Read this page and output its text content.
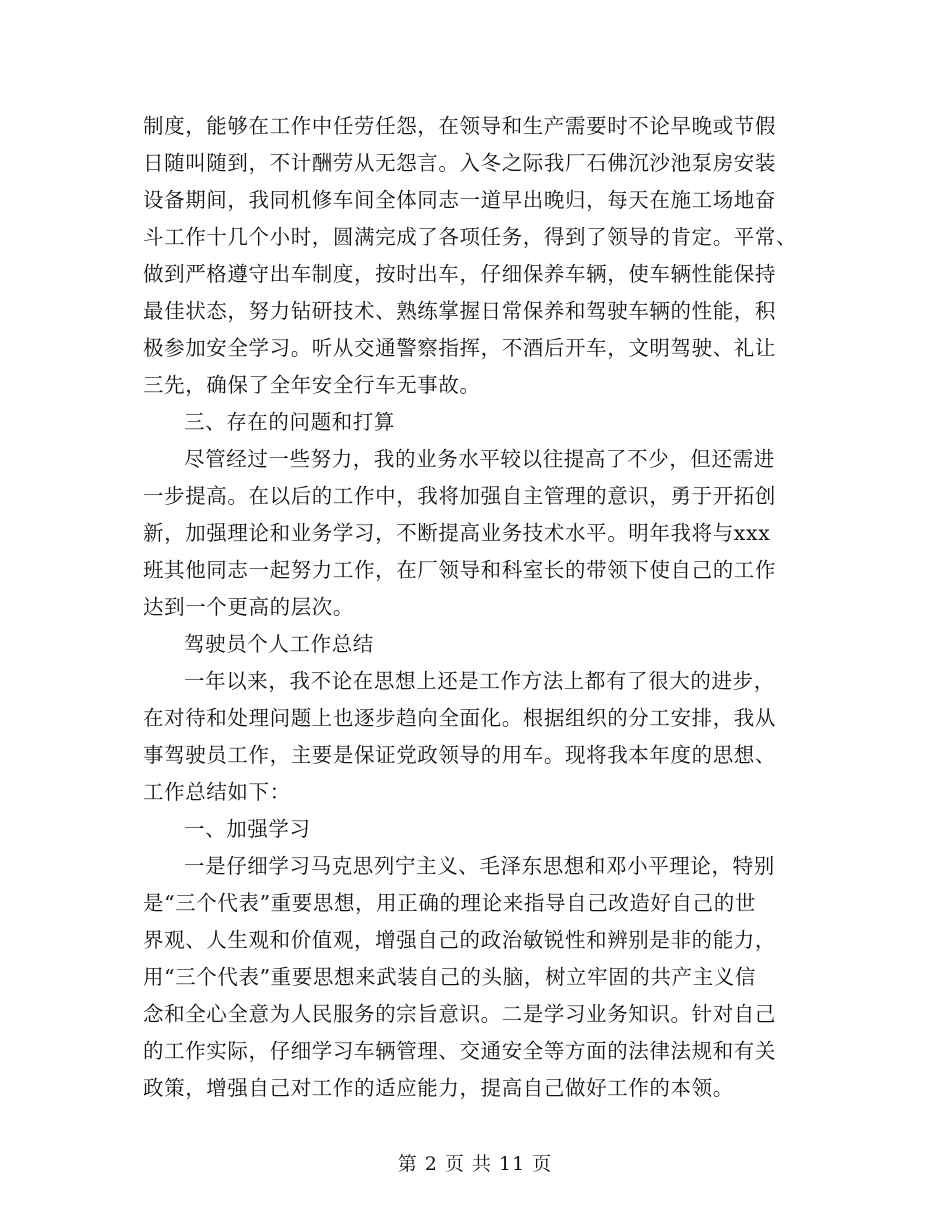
制度，能够在工作中任劳任怨，在领导和生产需要时不论早晚或节假
日随叫随到，不计酬劳从无怨言。入冬之际我厂石佛沉沙池泵房安装
设备期间，我同机修车间全体同志一道早出晚归，每天在施工场地奋
斗工作十几个小时，圆满完成了各项任务，得到了领导的肯定。平常、
做到严格遵守出车制度，按时出车，仔细保养车辆，使车辆性能保持
最佳状态，努力钻研技术、熟练掌握日常保养和驾驶车辆的性能，积
极参加安全学习。听从交通警察指挥，不酒后开车，文明驾驶、礼让
三先，确保了全年安全行车无事故。
三、存在的问题和打算
尽管经过一些努力，我的业务水平较以往提高了不少，但还需进
一步提高。在以后的工作中，我将加强自主管理的意识，勇于开拓创
新，加强理论和业务学习，不断提高业务技术水平。明年我将与xxx
班其他同志一起努力工作，在厂领导和科室长的带领下使自己的工作
达到一个更高的层次。
驾驶员个人工作总结
一年以来，我不论在思想上还是工作方法上都有了很大的进步，
在对待和处理问题上也逐步趋向全面化。根据组织的分工安排，我从
事驾驶员工作，主要是保证党政领导的用车。现将我本年度的思想、
工作总结如下：
一、加强学习
一是仔细学习马克思列宁主义、毛泽东思想和邓小平理论，特别
是“三个代表”重要思想，用正确的理论来指导自己改造好自己的世
界观、人生观和价值观，增强自己的政治敏锐性和辨别是非的能力，
用“三个代表”重要思想来武装自己的头脑，树立牢固的共产主义信
念和全心全意为人民服务的宗旨意识。二是学习业务知识。针对自己
的工作实际，仔细学习车辆管理、交通安全等方面的法律法规和有关
政策，增强自己对工作的适应能力，提高自己做好工作的本领。
第 2 页 共 11 页
